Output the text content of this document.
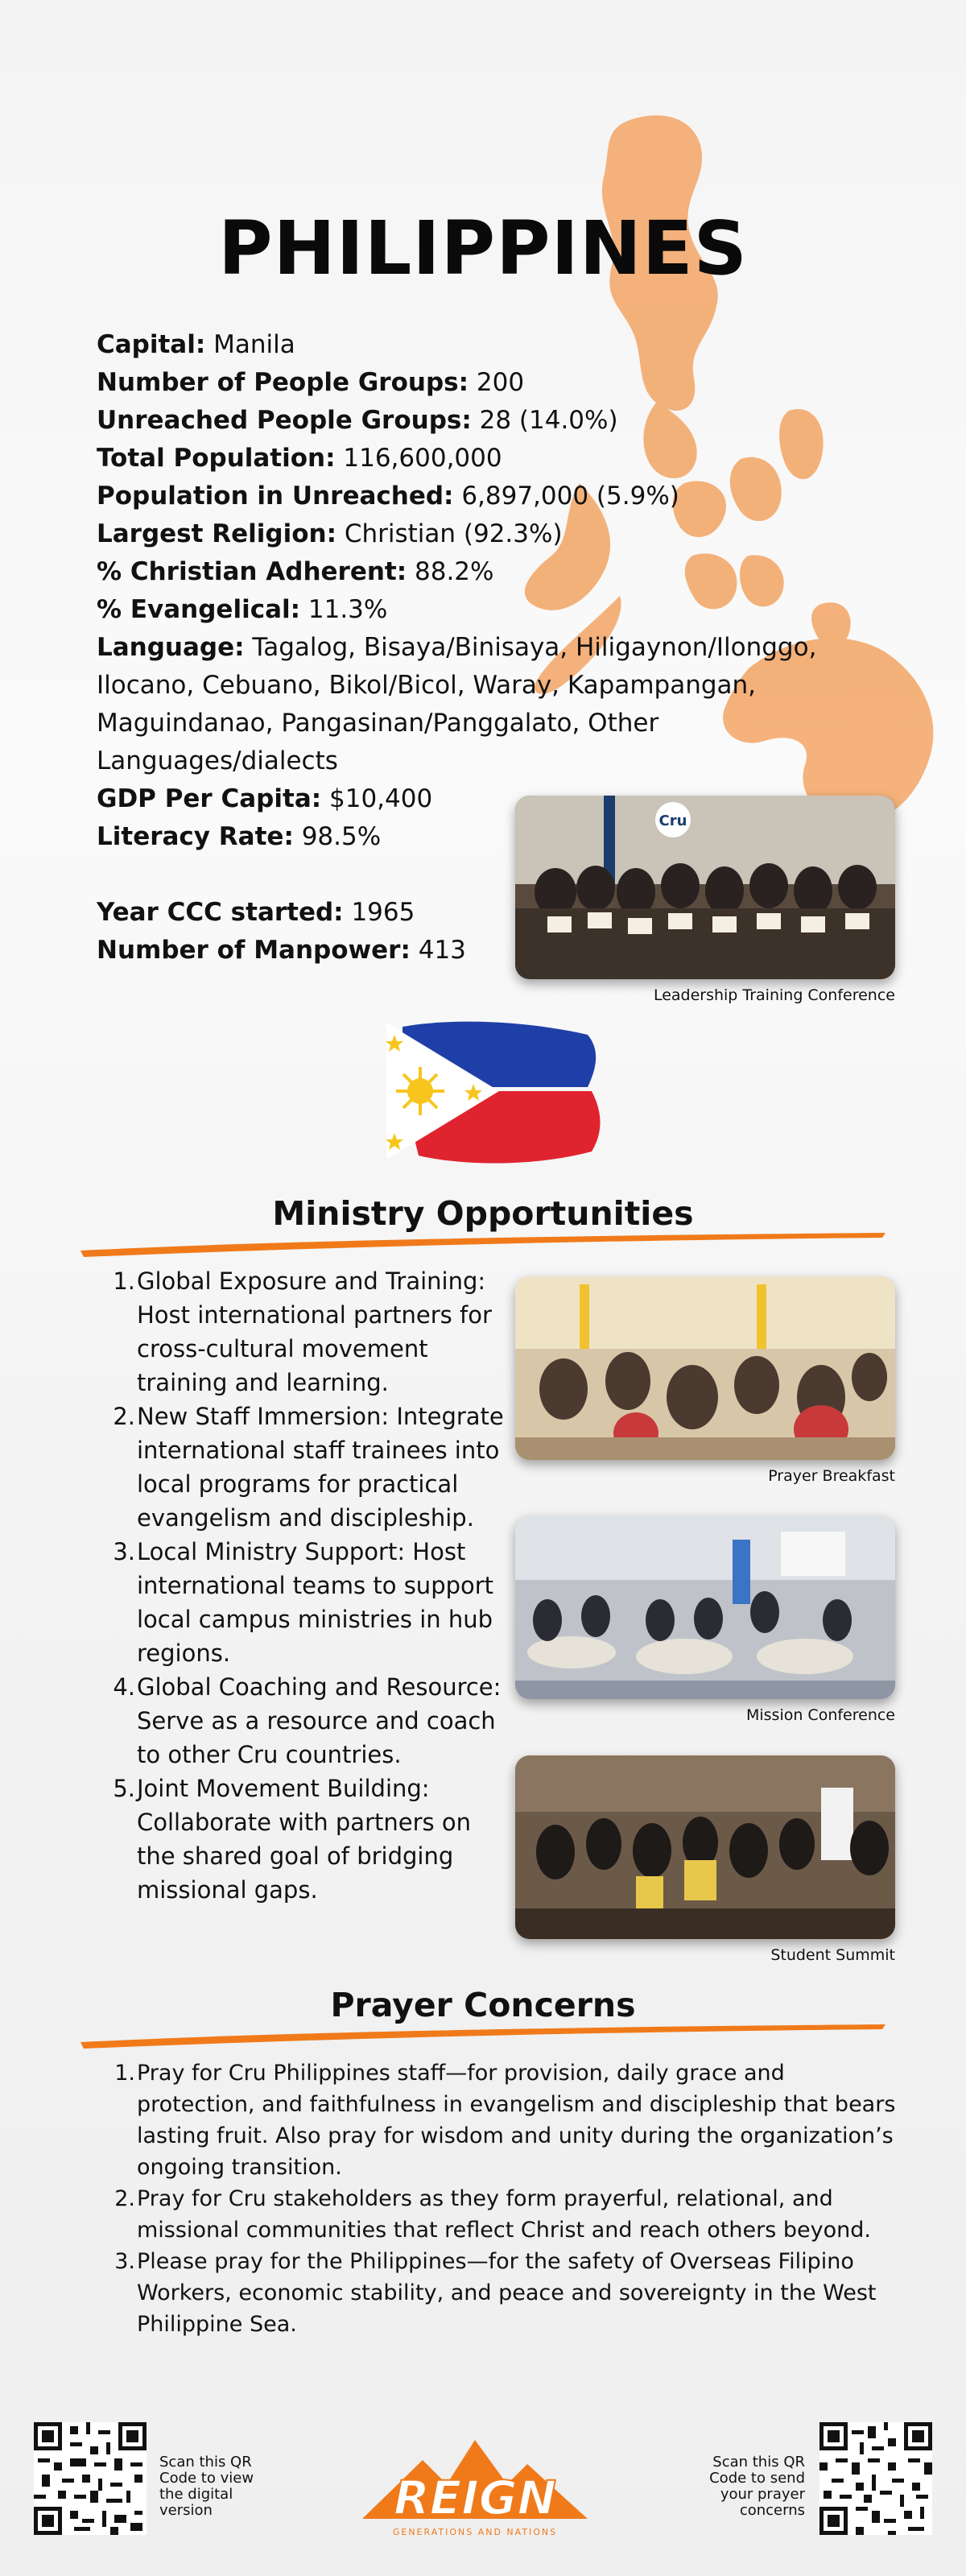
PHILIPPINES
Capital: Manila
Number of People Groups: 200
Unreached People Groups: 28 (14.0%)
Total Population: 116,600,000
Population in Unreached: 6,897,000 (5.9%)
Largest Religion: Christian (92.3%)
% Christian Adherent: 88.2%
% Evangelical: 11.3%
Language: Tagalog, Bisaya/Binisaya, Hiligaynon/Ilonggo, Ilocano, Cebuano, Bikol/Bicol, Waray, Kapampangan, Maguindanao, Pangasinan/Panggalato, Other Languages/dialects
GDP Per Capita: $10,400
Literacy Rate: 98.5%
Year CCC started: 1965
Number of Manpower: 413
Cru
Leadership Training Conference
Ministry Opportunities
1. Global Exposure and Training: Host international partners for cross-cultural movement training and learning.
2. New Staff Immersion: Integrate international staff trainees into local programs for practical evangelism and discipleship.
3. Local Ministry Support: Host international teams to support local campus ministries in hub regions.
4. Global Coaching and Resource: Serve as a resource and coach to other Cru countries.
5. Joint Movement Building: Collaborate with partners on the shared goal of bridging missional gaps.
Prayer Breakfast
Mission Conference
Student Summit
Prayer Concerns
1. Pray for Cru Philippines staff—for provision, daily grace and protection, and faithfulness in evangelism and discipleship that bears lasting fruit. Also pray for wisdom and unity during the organization’s ongoing transition.
2. Pray for Cru stakeholders as they form prayerful, relational, and missional communities that reflect Christ and reach others beyond.
3. Please pray for the Philippines—for the safety of Overseas Filipino Workers, economic stability, and peace and sovereignty in the West Philippine Sea.
Scan this QR Code to view the digital version	REIGN
GENERATIONS AND NATIONS
Scan this QR Code to send your prayer concerns
